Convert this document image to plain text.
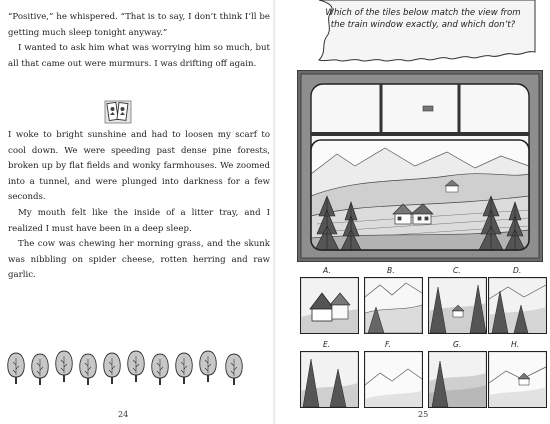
“Positive,” he whispered. “That is to say, I don’t think I’ll be getting much sleep tonight anyway.”

I wanted to ask him what was worrying him so much, but all that came out were murmurs. I was drifting off again.

I woke to bright sunshine and had to loosen my scarf to cool down. We were speeding past dense pine forests, broken up by flat fields and wonky farmhouses. We zoomed into a tunnel, and were plunged into darkness for a few seconds.

My mouth felt like the inside of a litter tray, and I realized I must have been in a deep sleep.

The cow was chewing her morning grass, and the skunk was nibbling on spider cheese, rotten herring and raw garlic.

24
Which of the tiles below match the view from the train window exactly, and which don’t?
A.	B.	C.	D.
E.	F.	G.	H.
25
